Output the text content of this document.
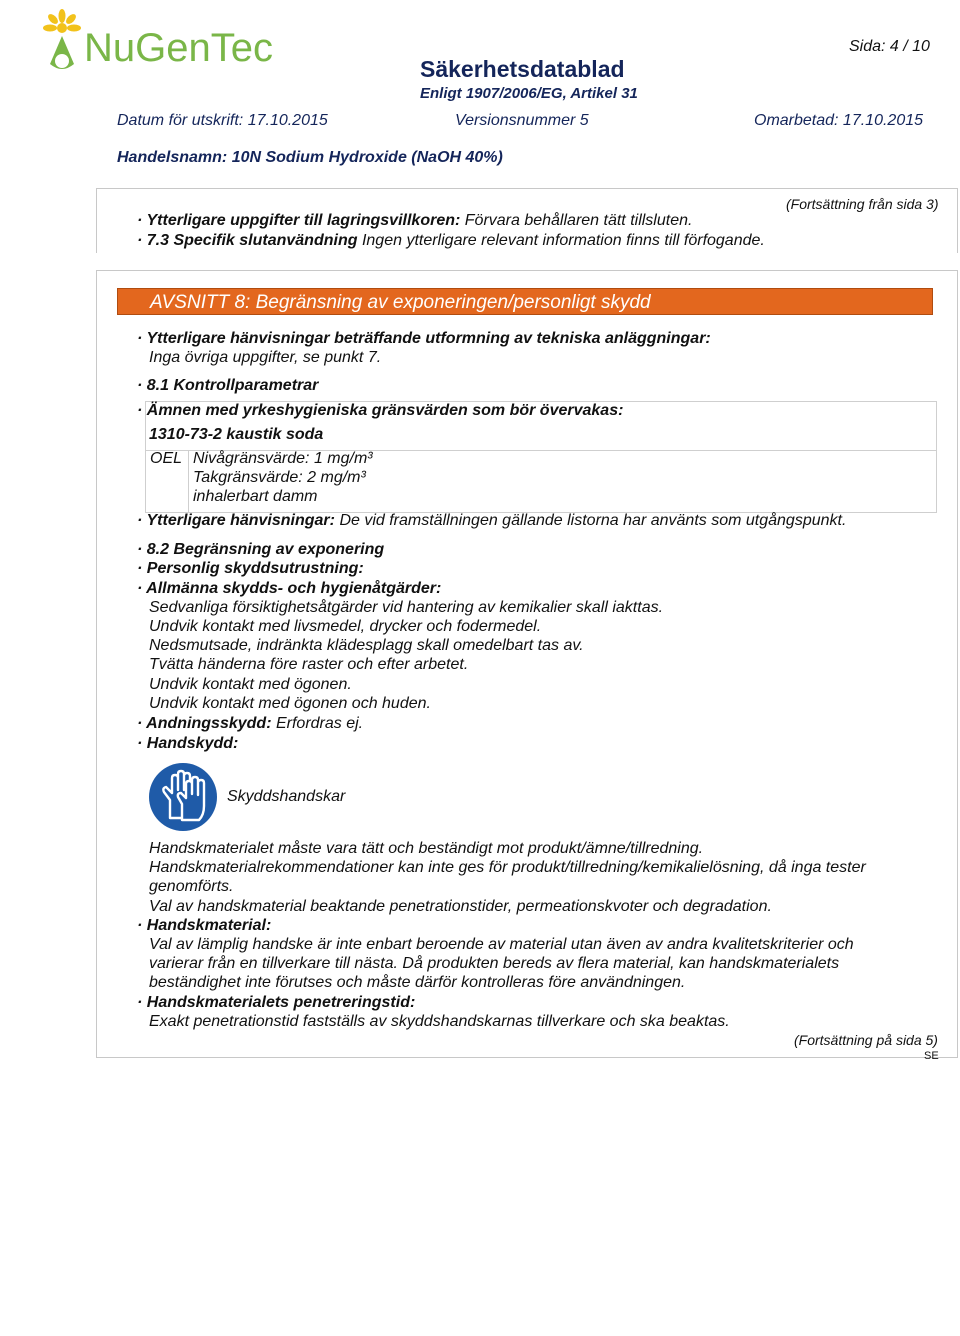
NuGenTec	Sida: 4 / 10
Säkerhetsdatablad
Enligt 1907/2006/EG, Artikel 31
Datum för utskrift: 17.10.2015	Versionsnummer 5	Omarbetad: 17.10.2015
Handelsnamn: 10N Sodium Hydroxide (NaOH 40%)
(Fortsättning från sida 3)
· Ytterligare uppgifter till lagringsvillkoren: Förvara behållaren tätt tillsluten.
· 7.3 Specifik slutanvändning Ingen ytterligare relevant information finns till förfogande.
AVSNITT 8: Begränsning av exponeringen/personligt skydd
· Ytterligare hänvisningar beträffande utformning av tekniska anläggningar:
Inga övriga uppgifter, se punkt 7.
· 8.1 Kontrollparametrar
· Ämnen med yrkeshygieniska gränsvärden som bör övervakas:
1310-73-2 kaustik soda
OEL Nivågränsvärde: 1 mg/m³
Takgränsvärde: 2 mg/m³
inhalerbart damm
· Ytterligare hänvisningar: De vid framställningen gällande listorna har använts som utgångspunkt.
· 8.2 Begränsning av exponering
· Personlig skyddsutrustning:
· Allmänna skydds- och hygienåtgärder:
Sedvanliga försiktighetsåtgärder vid hantering av kemikalier skall iakttas.
Undvik kontakt med livsmedel, drycker och fodermedel.
Nedsmutsade, indränkta klädesplagg skall omedelbart tas av.
Tvätta händerna före raster och efter arbetet.
Undvik kontakt med ögonen.
Undvik kontakt med ögonen och huden.
· Andningsskydd: Erfordras ej.
· Handskydd:
Skyddshandskar
Handskmaterialet måste vara tätt och beständigt mot produkt/ämne/tillredning.
Handskmaterialrekommendationer kan inte ges för produkt/tillredning/kemikalielösning, då inga tester
genomförts.
Val av handskmaterial beaktande penetrationstider, permeationskvoter och degradation.
· Handskmaterial:
Val av lämplig handske är inte enbart beroende av material utan även av andra kvalitetskriterier och
varierar från en tillverkare till nästa. Då produkten bereds av flera material, kan handskmaterialets
beständighet inte förutses och måste därför kontrolleras före användningen.
· Handskmaterialets penetreringstid:
Exakt penetrationstid fastställs av skyddshandskarnas tillverkare och ska beaktas.
(Fortsättning på sida 5)
SE
